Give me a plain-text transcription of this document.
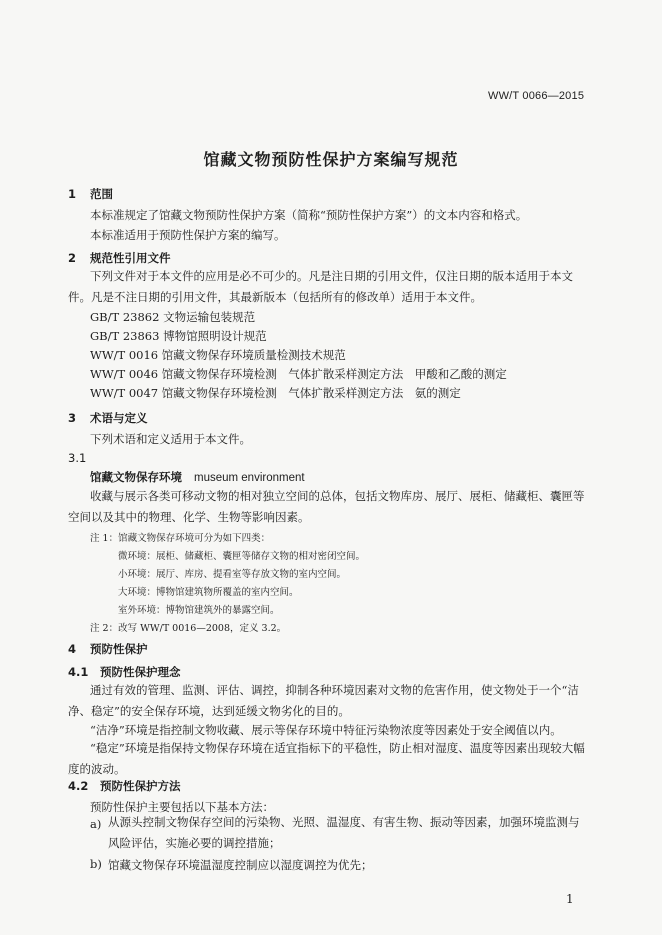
WW/T 0066—2015
馆藏文物预防性保护方案编写规范
1 范围
本标准规定了馆藏文物预防性保护方案（简称“预防性保护方案”）的文本内容和格式。
本标准适用于预防性保护方案的编写。
2 规范性引用文件
下列文件对于本文件的应用是必不可少的。凡是注日期的引用文件，仅注日期的版本适用于本文件。凡是不注日期的引用文件，其最新版本（包括所有的修改单）适用于本文件。
GB/T 23862 文物运输包装规范
GB/T 23863 博物馆照明设计规范
WW/T 0016 馆藏文物保存环境质量检测技术规范
WW/T 0046 馆藏文物保存环境检测　气体扩散采样测定方法　甲酸和乙酸的测定
WW/T 0047 馆藏文物保存环境检测　气体扩散采样测定方法　氨的测定
3 术语与定义
下列术语和定义适用于本文件。
3.1
馆藏文物保存环境 museum environment
收藏与展示各类可移动文物的相对独立空间的总体，包括文物库房、展厅、展柜、储藏柜、囊匣等空间以及其中的物理、化学、生物等影响因素。
注 1：馆藏文物保存环境可分为如下四类：
微环境：展柜、储藏柜、囊匣等储存文物的相对密闭空间。
小环境：展厅、库房、提看室等存放文物的室内空间。
大环境：博物馆建筑物所覆盖的室内空间。
室外环境：博物馆建筑外的暴露空间。
注 2：改写 WW/T 0016—2008，定义 3.2。
4 预防性保护
4.1 预防性保护理念
通过有效的管理、监测、评估、调控，抑制各种环境因素对文物的危害作用，使文物处于一个“洁净、稳定”的安全保存环境，达到延缓文物劣化的目的。
“洁净”环境是指控制文物收藏、展示等保存环境中特征污染物浓度等因素处于安全阈值以内。
“稳定”环境是指保持文物保存环境在适宜指标下的平稳性，防止相对湿度、温度等因素出现较大幅度的波动。
4.2 预防性保护方法
预防性保护主要包括以下基本方法：
a) 从源头控制文物保存空间的污染物、光照、温湿度、有害生物、振动等因素，加强环境监测与风险评估，实施必要的调控措施；
b) 馆藏文物保存环境温湿度控制应以湿度调控为优先；
1
